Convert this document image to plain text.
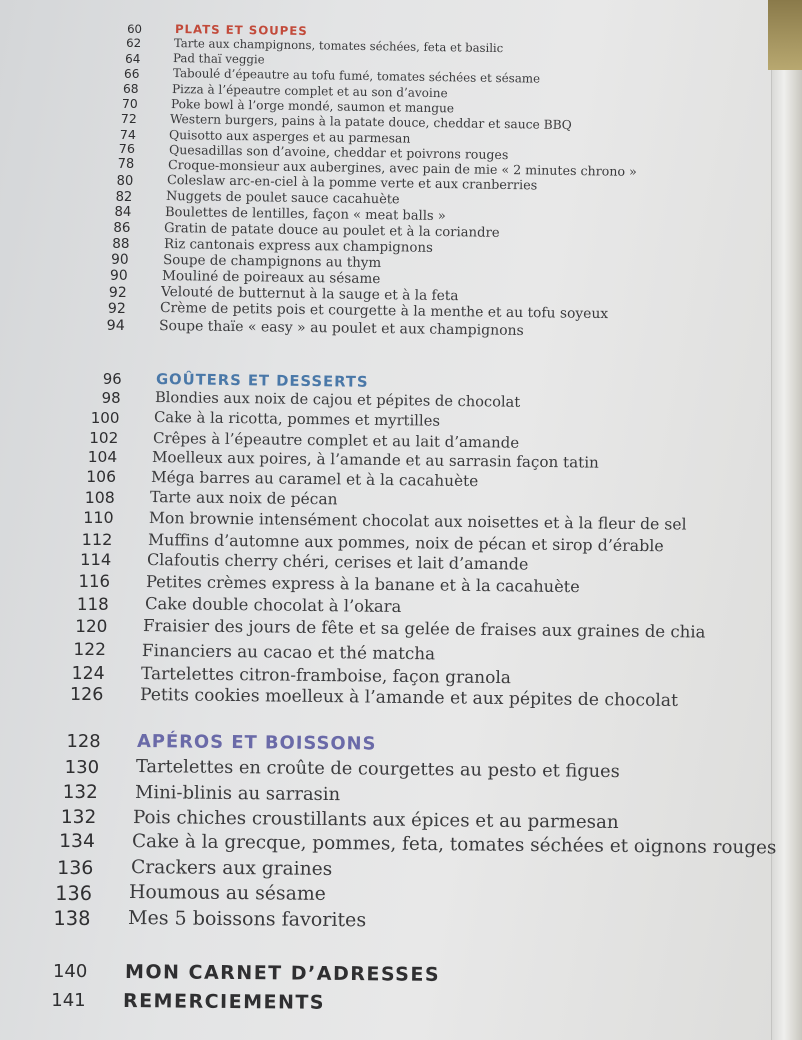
60	PLATS ET SOUPES
62	Tarte aux champignons, tomates séchées, feta et basilic
64	Pad thaï veggie
66	Taboulé d’épeautre au tofu fumé, tomates séchées et sésame
68	Pizza à l’épeautre complet et au son d’avoine
70	Poke bowl à l’orge mondé, saumon et mangue
72	Western burgers, pains à la patate douce, cheddar et sauce BBQ
74	Quisotto aux asperges et au parmesan
76	Quesadillas son d’avoine, cheddar et poivrons rouges
78	Croque-monsieur aux aubergines, avec pain de mie « 2 minutes chrono »
80	Coleslaw arc-en-ciel à la pomme verte et aux cranberries
82	Nuggets de poulet sauce cacahuète
84	Boulettes de lentilles, façon « meat balls »
86	Gratin de patate douce au poulet et à la coriandre
88	Riz cantonais express aux champignons
90	Soupe de champignons au thym
90	Mouliné de poireaux au sésame
92 Velouté de butternut à la sauge et à la feta
92 Crème de petits pois et courgette à la menthe et au tofu soyeux
94 Soupe thaïe « easy » au poulet et aux champignons
96 GOÛTERS ET DESSERTS
98 Blondies aux noix de cajou et pépites de chocolat
100 Cake à la ricotta, pommes et myrtilles
102 Crêpes à l’épeautre complet et au lait d’amande
104 Moelleux aux poires, à l’amande et au sarrasin façon tatin
106 Méga barres au caramel et à la cacahuète
108 Tarte aux noix de pécan
110 Mon brownie intensément chocolat aux noisettes et à la fleur de sel
112 Muffins d’automne aux pommes, noix de pécan et sirop d’érable
114 Clafoutis cherry chéri, cerises et lait d’amande
116 Petites crèmes express à la banane et à la cacahuète
118 Cake double chocolat à l’okara
120 Fraisier des jours de fête et sa gelée de fraises aux graines de chia
122 Financiers au cacao et thé matcha
124 Tartelettes citron-framboise, façon granola
126 Petits cookies moelleux à l’amande et aux pépites de chocolat
128 APÉROS ET BOISSONS
130 Tartelettes en croûte de courgettes au pesto et figues
132 Mini-blinis au sarrasin
132 Pois chiches croustillants aux épices et au parmesan
134 Cake à la grecque, pommes, feta, tomates séchées et oignons rouges
136 Crackers aux graines
136 Houmous au sésame
138 Mes 5 boissons favorites
140 MON CARNET D’ADRESSES
141 REMERCIEMENTS
